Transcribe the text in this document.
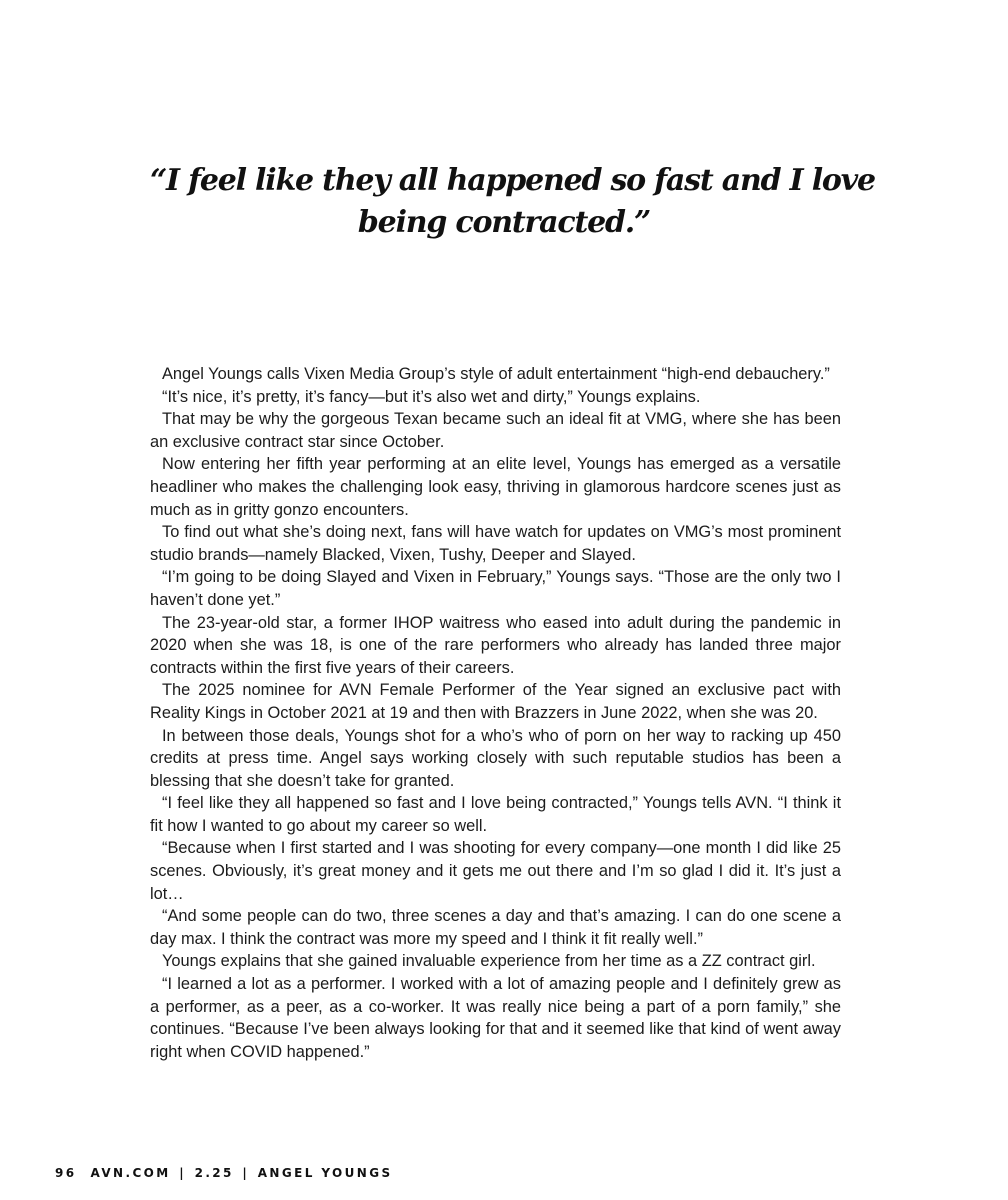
“I feel like they all happened so fast and I love
being contracted.”

Angel Youngs calls Vixen Media Group’s style of adult entertainment “high-end debauchery.”

“It’s nice, it’s pretty, it’s fancy—but it’s also wet and dirty,” Youngs explains.

That may be why the gorgeous Texan became such an ideal fit at VMG, where she has been an exclusive contract star since October.

Now entering her fifth year performing at an elite level, Youngs has emerged as a versatile headliner who makes the challenging look easy, thriving in glamorous hardcore scenes just as much as in gritty gonzo encounters.

To find out what she’s doing next, fans will have watch for updates on VMG’s most prominent studio brands—namely Blacked, Vixen, Tushy, Deeper and Slayed.

“I’m going to be doing Slayed and Vixen in February,” Youngs says. “Those are the only two I haven’t done yet.”

The 23-year-old star, a former IHOP waitress who eased into adult during the pandemic in 2020 when she was 18, is one of the rare performers who already has landed three major contracts within the first five years of their careers.

The 2025 nominee for AVN Female Performer of the Year signed an exclusive pact with Reality Kings in October 2021 at 19 and then with Brazzers in June 2022, when she was 20.

In between those deals, Youngs shot for a who’s who of porn on her way to racking up 450 credits at press time. Angel says working closely with such reputable studios has been a blessing that she doesn’t take for granted.

“I feel like they all happened so fast and I love being contracted,” Youngs tells AVN. “I think it fit how I wanted to go about my career so well.

“Because when I first started and I was shooting for every company—one month I did like 25 scenes. Obviously, it’s great money and it gets me out there and I’m so glad I did it. It’s just a lot…

“And some people can do two, three scenes a day and that’s amazing. I can do one scene a day max. I think the contract was more my speed and I think it fit really well.”

Youngs explains that she gained invaluable experience from her time as a ZZ contract girl.

“I learned a lot as a performer. I worked with a lot of amazing people and I definitely grew as a performer, as a peer, as a co-worker. It was really nice being a part of a porn family,” she continues. “Because I’ve been always looking for that and it seemed like that kind of went away right when COVID happened.”

96 AVN.COM | 2.25 | ANGEL YOUNGS
